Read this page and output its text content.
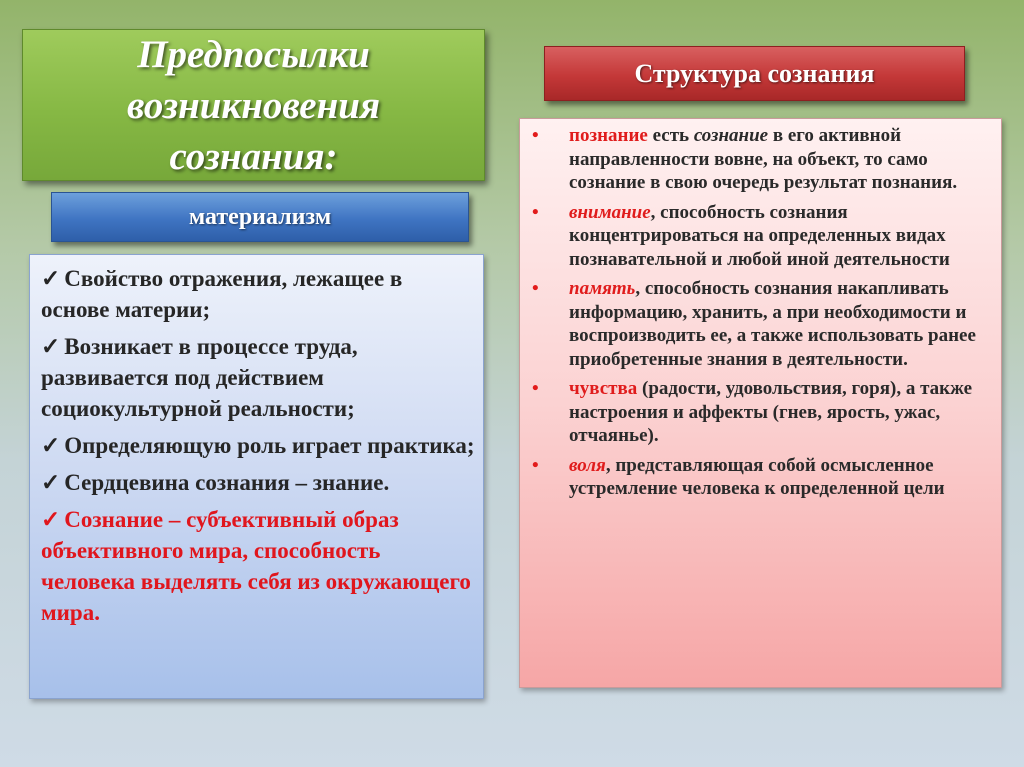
Предпосылки
возникновения
сознания:
Структура сознания
материализм
✓ Свойство отражения, лежащее в основе материи;
✓ Возникает в процессе труда, развивается под действием социокультурной реальности;
✓ Определяющую роль играет практика;
✓ Сердцевина сознания – знание.
✓ Сознание – субъективный образ объективного мира, способность человека выделять себя из окружающего мира.
• познание есть сознание в его активной направленности вовне, на объект, то само сознание в свою очередь результат познания.
• внимание, способность сознания концентрироваться на определенных видах познавательной и любой иной деятельности
• память, способность сознания накапливать информацию, хранить, а при необходимости и воспроизводить ее, а также использовать ранее приобретенные знания в деятельности.
• чувства (радости, удовольствия, горя), а также настроения и аффекты (гнев, ярость, ужас, отчаянье).
• воля, представляющая собой осмысленное устремление человека к определенной цели
